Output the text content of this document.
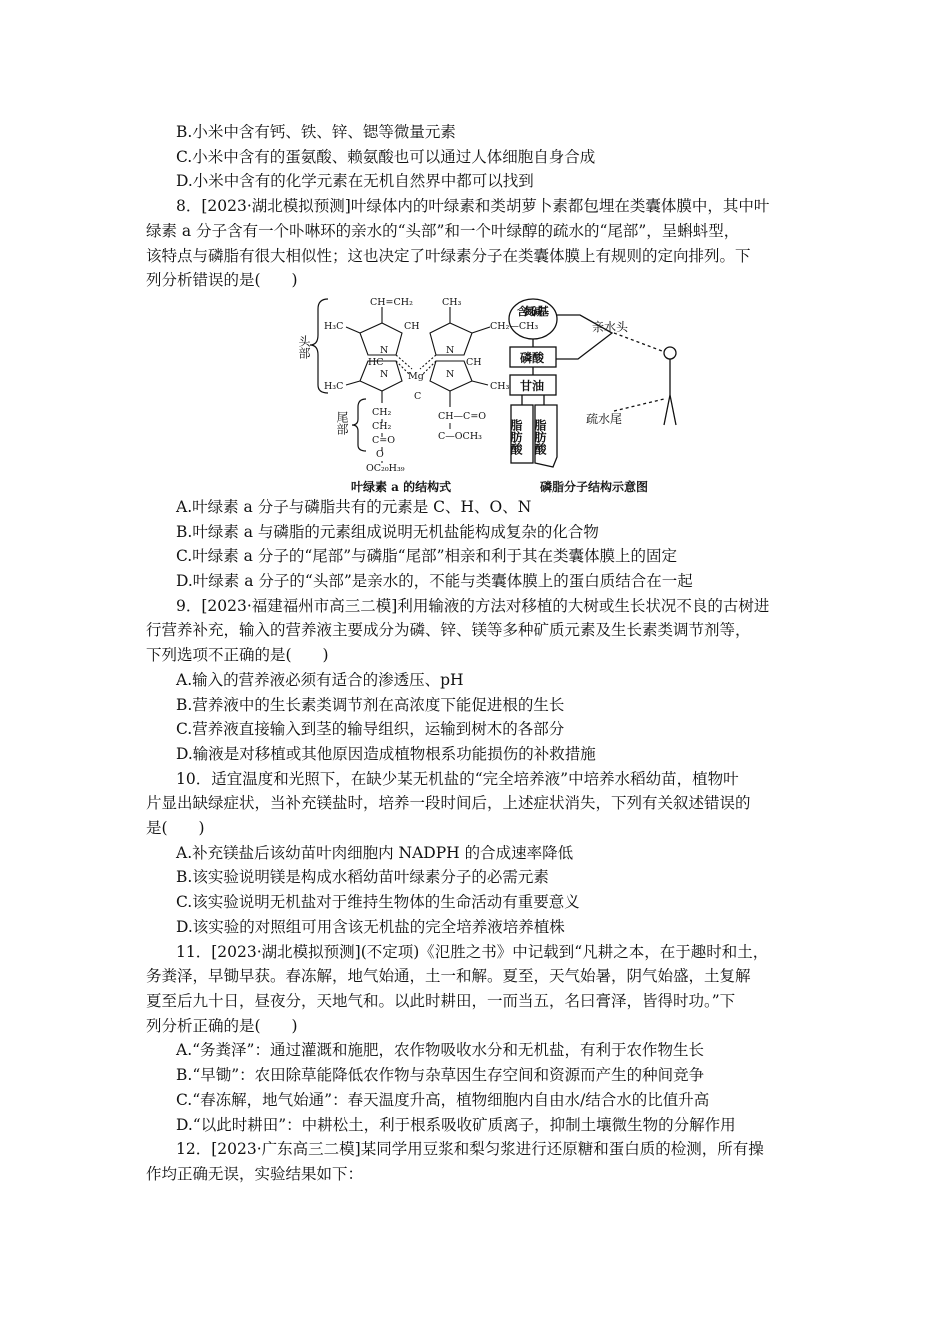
B.小米中含有钙、铁、锌、锶等微量元素
C.小米中含有的蛋氨酸、赖氨酸也可以通过人体细胞自身合成
D.小米中含有的化学元素在无机自然界中都可以找到
8．[2023·湖北模拟预测]叶绿体内的叶绿素和类胡萝卜素都包埋在类囊体膜中，其中叶
绿素 a 分子含有一个卟啉环的亲水的“头部”和一个叶绿醇的疏水的“尾部”，呈蝌蚪型，
该特点与磷脂有很大相似性；这也决定了叶绿素分子在类囊体膜上有规则的定向排列。下
列分析错误的是(　　)
头部
尾部
CH=CH₂	CH₃
H₃C	CH	CH₂—CH₃
N	N
Mg
HC	CH
N	N
H₃C	CH₃
C
CH₂
CH₂
C=O
O
OC₂₀H₃₉
CH—C=O
C—OCH₃
叶绿素 a 的结构式
含氮碱基
磷酸
甘油
脂肪酸 脂肪酸
亲水头
疏水尾
磷脂分子结构示意图
A.叶绿素 a 分子与磷脂共有的元素是 C、H、O、N
B.叶绿素 a 与磷脂的元素组成说明无机盐能构成复杂的化合物
C.叶绿素 a 分子的“尾部”与磷脂“尾部”相亲和利于其在类囊体膜上的固定
D.叶绿素 a 分子的“头部”是亲水的，不能与类囊体膜上的蛋白质结合在一起
9．[2023·福建福州市高三二模]利用输液的方法对移植的大树或生长状况不良的古树进
行营养补充，输入的营养液主要成分为磷、锌、镁等多种矿质元素及生长素类调节剂等，
下列选项不正确的是(　　)
A.输入的营养液必须有适合的渗透压、pH
B.营养液中的生长素类调节剂在高浓度下能促进根的生长
C.营养液直接输入到茎的输导组织，运输到树木的各部分
D.输液是对移植或其他原因造成植物根系功能损伤的补救措施
10．适宜温度和光照下，在缺少某无机盐的“完全培养液”中培养水稻幼苗，植物叶
片显出缺绿症状，当补充镁盐时，培养一段时间后，上述症状消失，下列有关叙述错误的
是(　　)
A.补充镁盐后该幼苗叶肉细胞内 NADPH 的合成速率降低
B.该实验说明镁是构成水稻幼苗叶绿素分子的必需元素
C.该实验说明无机盐对于维持生物体的生命活动有重要意义
D.该实验的对照组可用含该无机盐的完全培养液培养植株
11．[2023·湖北模拟预测](不定项)《氾胜之书》中记载到“凡耕之本，在于趣时和土，
务粪泽，早锄早获。春冻解，地气始通，土一和解。夏至，天气始暑，阴气始盛，土复解
夏至后九十日，昼夜分，天地气和。以此时耕田，一而当五，名曰膏泽，皆得时功。”下
列分析正确的是(　　)
A.“务粪泽”：通过灌溉和施肥，农作物吸收水分和无机盐，有利于农作物生长
B.“早锄”：农田除草能降低农作物与杂草因生存空间和资源而产生的种间竞争
C.“春冻解，地气始通”：春天温度升高，植物细胞内自由水/结合水的比值升高
D.“以此时耕田”：中耕松土，利于根系吸收矿质离子，抑制土壤微生物的分解作用
12．[2023·广东高三二模]某同学用豆浆和梨匀浆进行还原糖和蛋白质的检测，所有操
作均正确无误，实验结果如下：
